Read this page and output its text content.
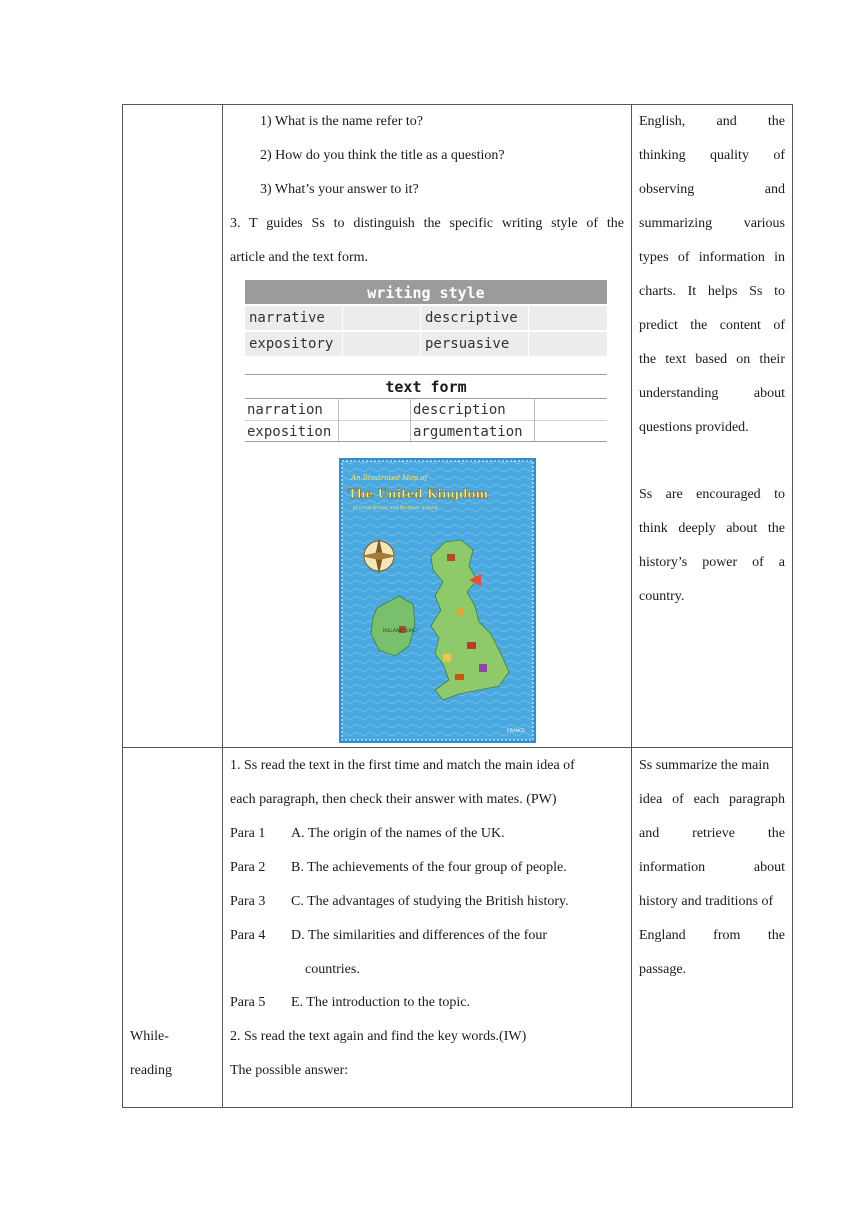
1) What is the name refer to?
2) How do you think the title as a question?
3) What’s your answer to it?
3. T guides Ss to distinguish the specific writing style of the
article and the text form.
writing style
narrative	descriptive
expository	persuasive
text form
narration	description
exposition	argumentation
An Illustrated Map of
The United Kingdom
of Great Britain and Northern Ireland
IRELAND (EIRE)
FRANCE
English, and the
thinking quality of
observing and
summarizing various
types of information in
charts. It helps Ss to
predict the content of
the text based on their
understanding about
questions provided.
Ss are encouraged to
think deeply about the
history’s power of a
country.
While-
reading
1. Ss read the text in the first time and match the main idea of
each paragraph, then check their answer with mates. (PW)
Para 1 A. The origin of the names of the UK.
Para 2 B. The achievements of the four group of people.
Para 3 C. The advantages of studying the British history.
Para 4 D. The similarities and differences of the four
countries.
Para 5 E. The introduction to the topic.
2. Ss read the text again and find the key words.(IW)
The possible answer:
Ss summarize the main
idea of each paragraph
and retrieve the
information about
history and traditions of
England from the
passage.
